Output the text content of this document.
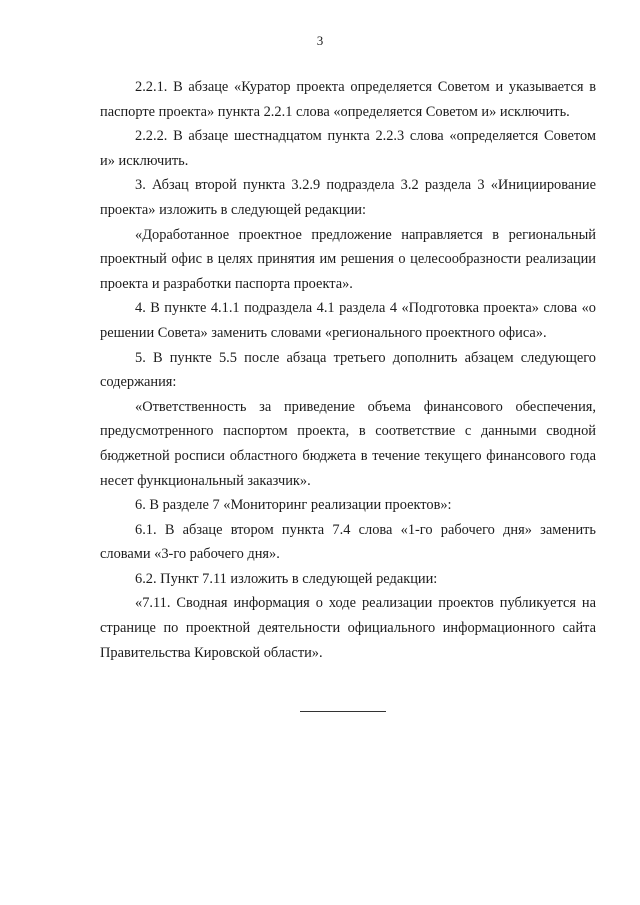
3

2.2.1. В абзаце «Куратор проекта определяется Советом и указывается в паспорте проекта» пункта 2.2.1 слова «определяется Советом и» исключить.

2.2.2. В абзаце шестнадцатом пункта 2.2.3 слова «определяется Советом и» исключить.

3. Абзац второй пункта 3.2.9 подраздела 3.2 раздела 3 «Инициирование проекта» изложить в следующей редакции:

«Доработанное проектное предложение направляется в региональный проектный офис в целях принятия им решения о целесообразности реализации проекта и разработки паспорта проекта».

4. В пункте 4.1.1 подраздела 4.1 раздела 4 «Подготовка проекта» слова «о решении Совета» заменить словами «регионального проектного офиса».

5. В пункте 5.5 после абзаца третьего дополнить абзацем следующего содержания:

«Ответственность за приведение объема финансового обеспечения, предусмотренного паспортом проекта, в соответствие с данными сводной бюджетной росписи областного бюджета в течение текущего финансового года несет функциональный заказчик».

6. В разделе 7 «Мониторинг реализации проектов»:

6.1. В абзаце втором пункта 7.4 слова «1-го рабочего дня» заменить словами «3-го рабочего дня».

6.2. Пункт 7.11 изложить в следующей редакции:

«7.11. Сводная информация о ходе реализации проектов публикуется на странице по проектной деятельности официального информационного сайта Правительства Кировской области».
